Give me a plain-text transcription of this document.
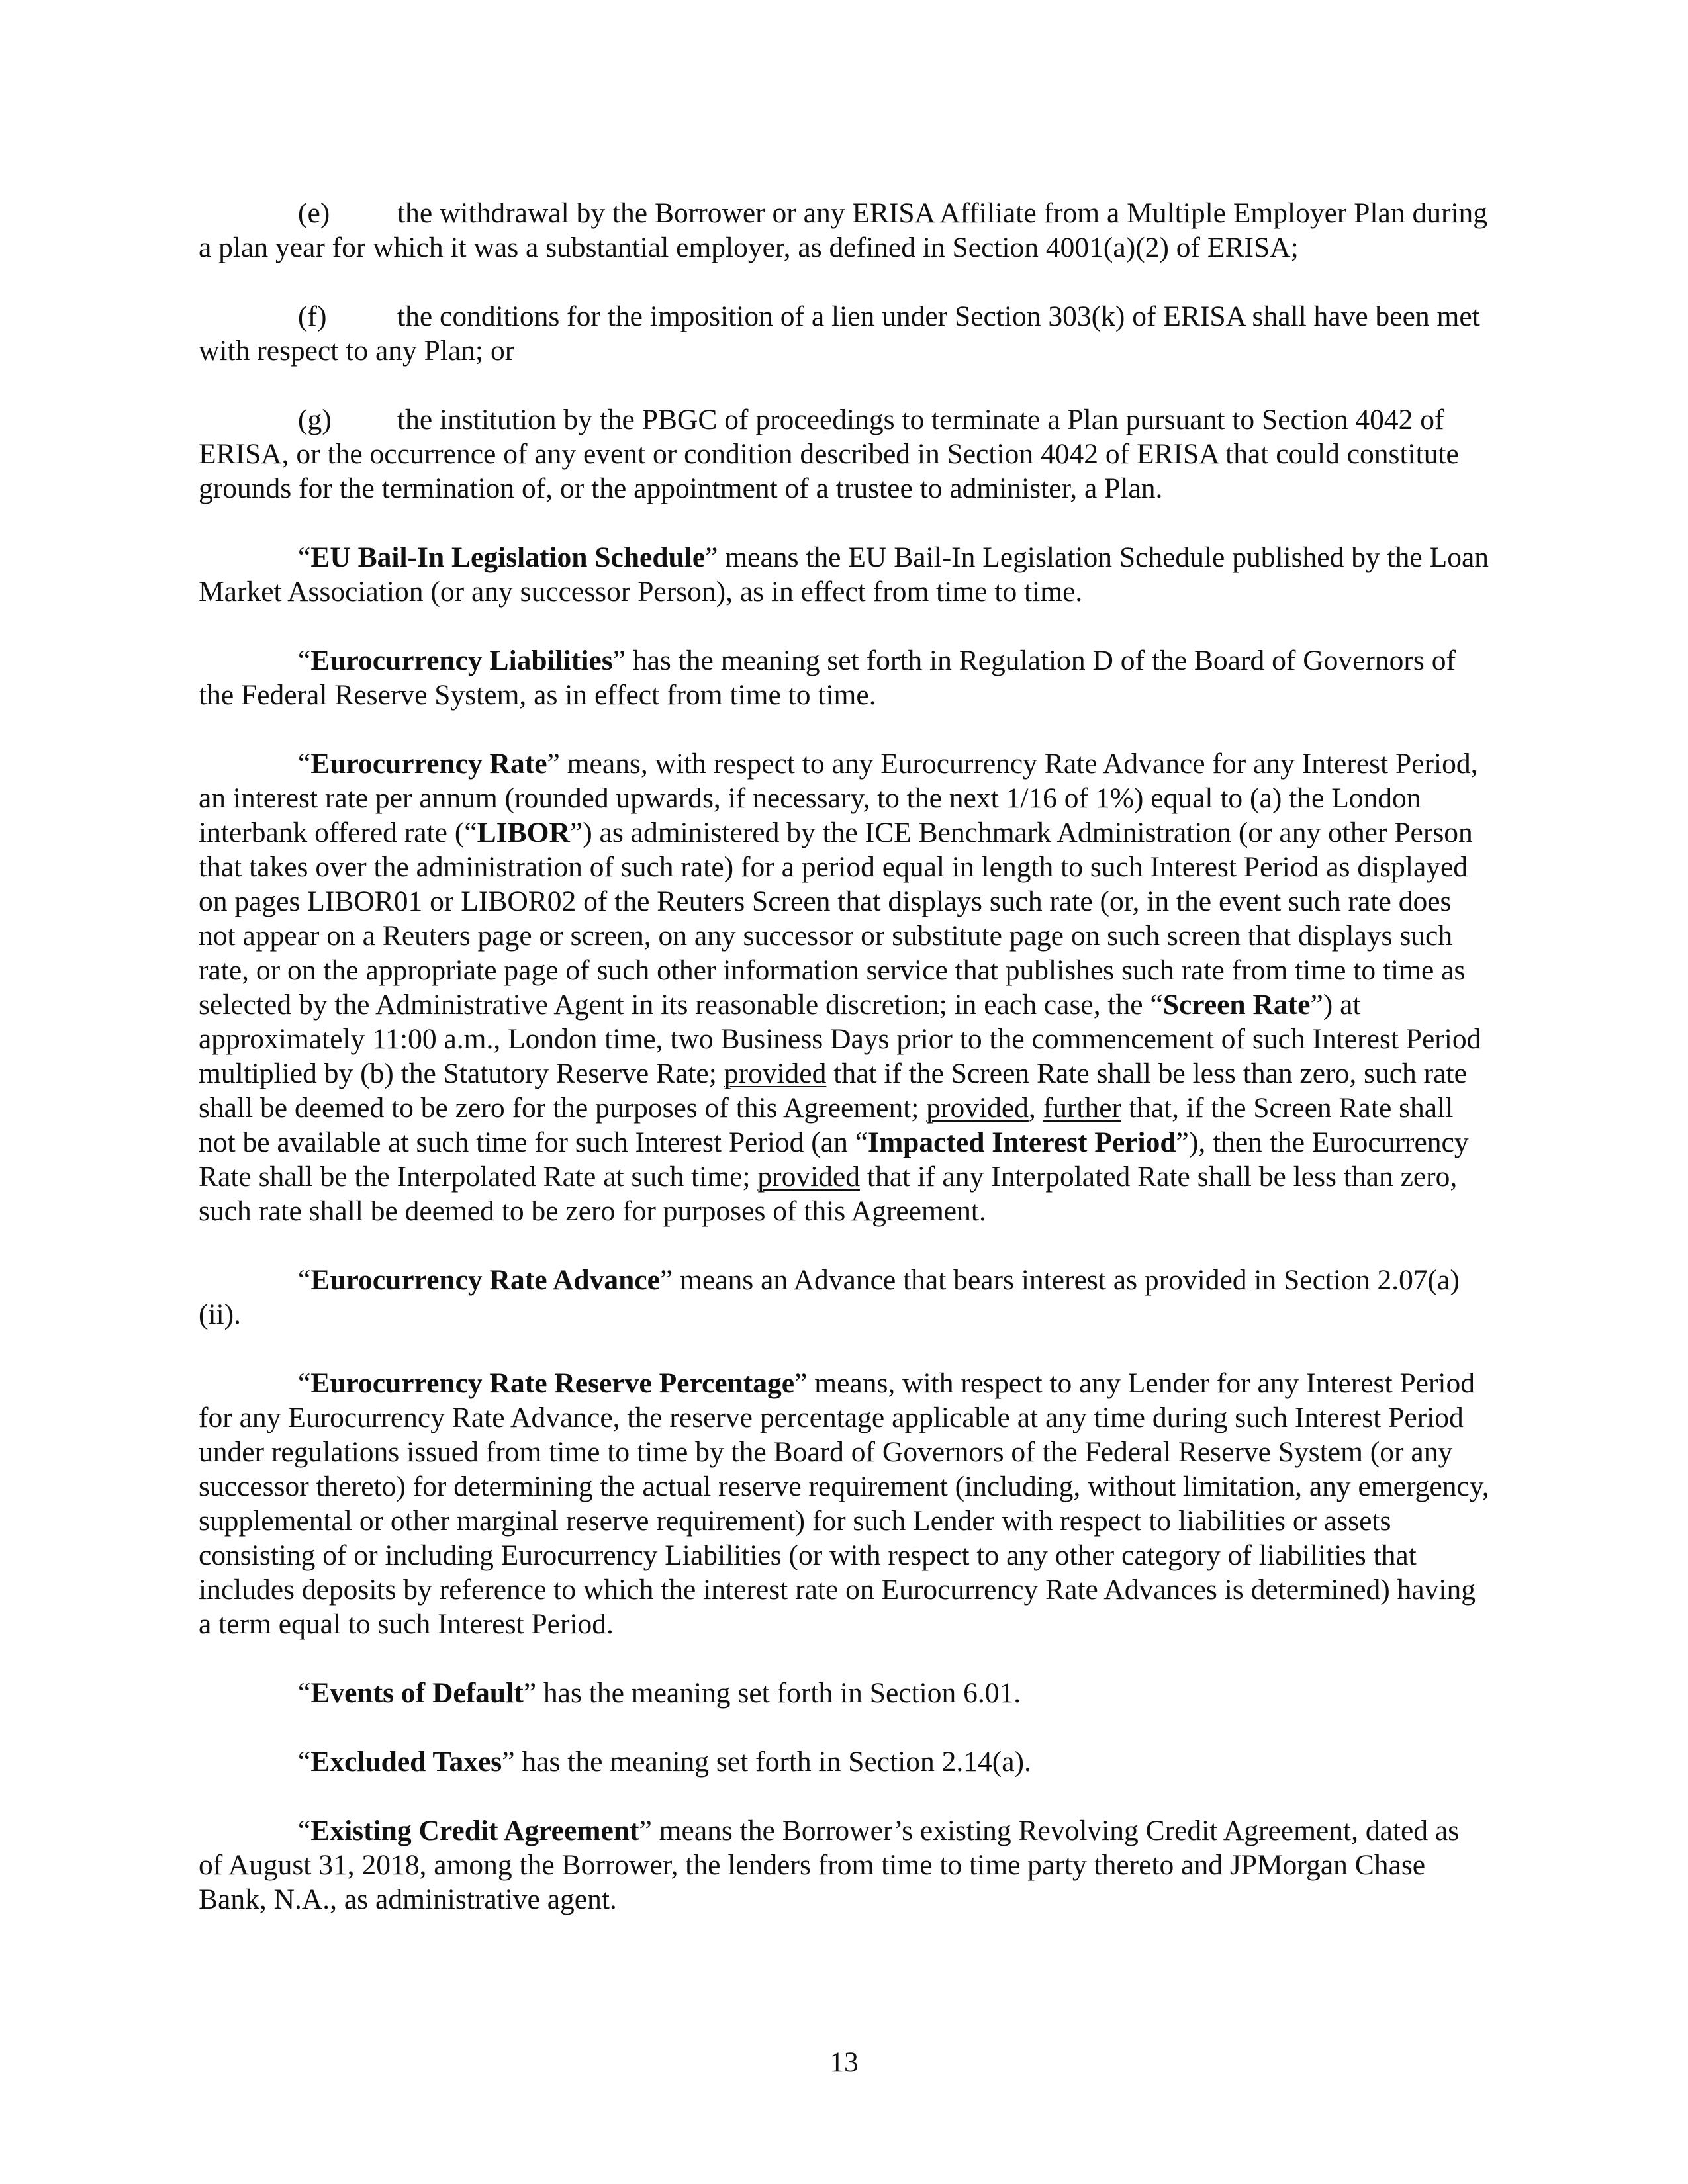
(e) the withdrawal by the Borrower or any ERISA Affiliate from a Multiple Employer Plan during a plan year for which it was a substantial employer, as defined in Section 4001(a)(2) of ERISA;

(f) the conditions for the imposition of a lien under Section 303(k) of ERISA shall have been met with respect to any Plan; or

(g) the institution by the PBGC of proceedings to terminate a Plan pursuant to Section 4042 of ERISA, or the occurrence of any event or condition described in Section 4042 of ERISA that could constitute grounds for the termination of, or the appointment of a trustee to administer, a Plan.

“EU Bail-In Legislation Schedule” means the EU Bail-In Legislation Schedule published by the Loan Market Association (or any successor Person), as in effect from time to time.

“Eurocurrency Liabilities” has the meaning set forth in Regulation D of the Board of Governors of the Federal Reserve System, as in effect from time to time.

“Eurocurrency Rate” means, with respect to any Eurocurrency Rate Advance for any Interest Period, an interest rate per annum (rounded upwards, if necessary, to the next 1/16 of 1%) equal to (a) the London interbank offered rate (“LIBOR”) as administered by the ICE Benchmark Administration (or any other Person that takes over the administration of such rate) for a period equal in length to such Interest Period as displayed on pages LIBOR01 or LIBOR02 of the Reuters Screen that displays such rate (or, in the event such rate does not appear on a Reuters page or screen, on any successor or substitute page on such screen that displays such rate, or on the appropriate page of such other information service that publishes such rate from time to time as selected by the Administrative Agent in its reasonable discretion; in each case, the “Screen Rate”) at approximately 11:00 a.m., London time, two Business Days prior to the commencement of such Interest Period multiplied by (b) the Statutory Reserve Rate; provided that if the Screen Rate shall be less than zero, such rate shall be deemed to be zero for the purposes of this Agreement; provided, further that, if the Screen Rate shall not be available at such time for such Interest Period (an “Impacted Interest Period”), then the Eurocurrency Rate shall be the Interpolated Rate at such time; provided that if any Interpolated Rate shall be less than zero, such rate shall be deemed to be zero for purposes of this Agreement.

“Eurocurrency Rate Advance” means an Advance that bears interest as provided in Section 2.07(a)(ii).

“Eurocurrency Rate Reserve Percentage” means, with respect to any Lender for any Interest Period for any Eurocurrency Rate Advance, the reserve percentage applicable at any time during such Interest Period under regulations issued from time to time by the Board of Governors of the Federal Reserve System (or any successor thereto) for determining the actual reserve requirement (including, without limitation, any emergency, supplemental or other marginal reserve requirement) for such Lender with respect to liabilities or assets consisting of or including Eurocurrency Liabilities (or with respect to any other category of liabilities that includes deposits by reference to which the interest rate on Eurocurrency Rate Advances is determined) having a term equal to such Interest Period.

“Events of Default” has the meaning set forth in Section 6.01.

“Excluded Taxes” has the meaning set forth in Section 2.14(a).

“Existing Credit Agreement” means the Borrower’s existing Revolving Credit Agreement, dated as of August 31, 2018, among the Borrower, the lenders from time to time party thereto and JPMorgan Chase Bank, N.A., as administrative agent.

13
